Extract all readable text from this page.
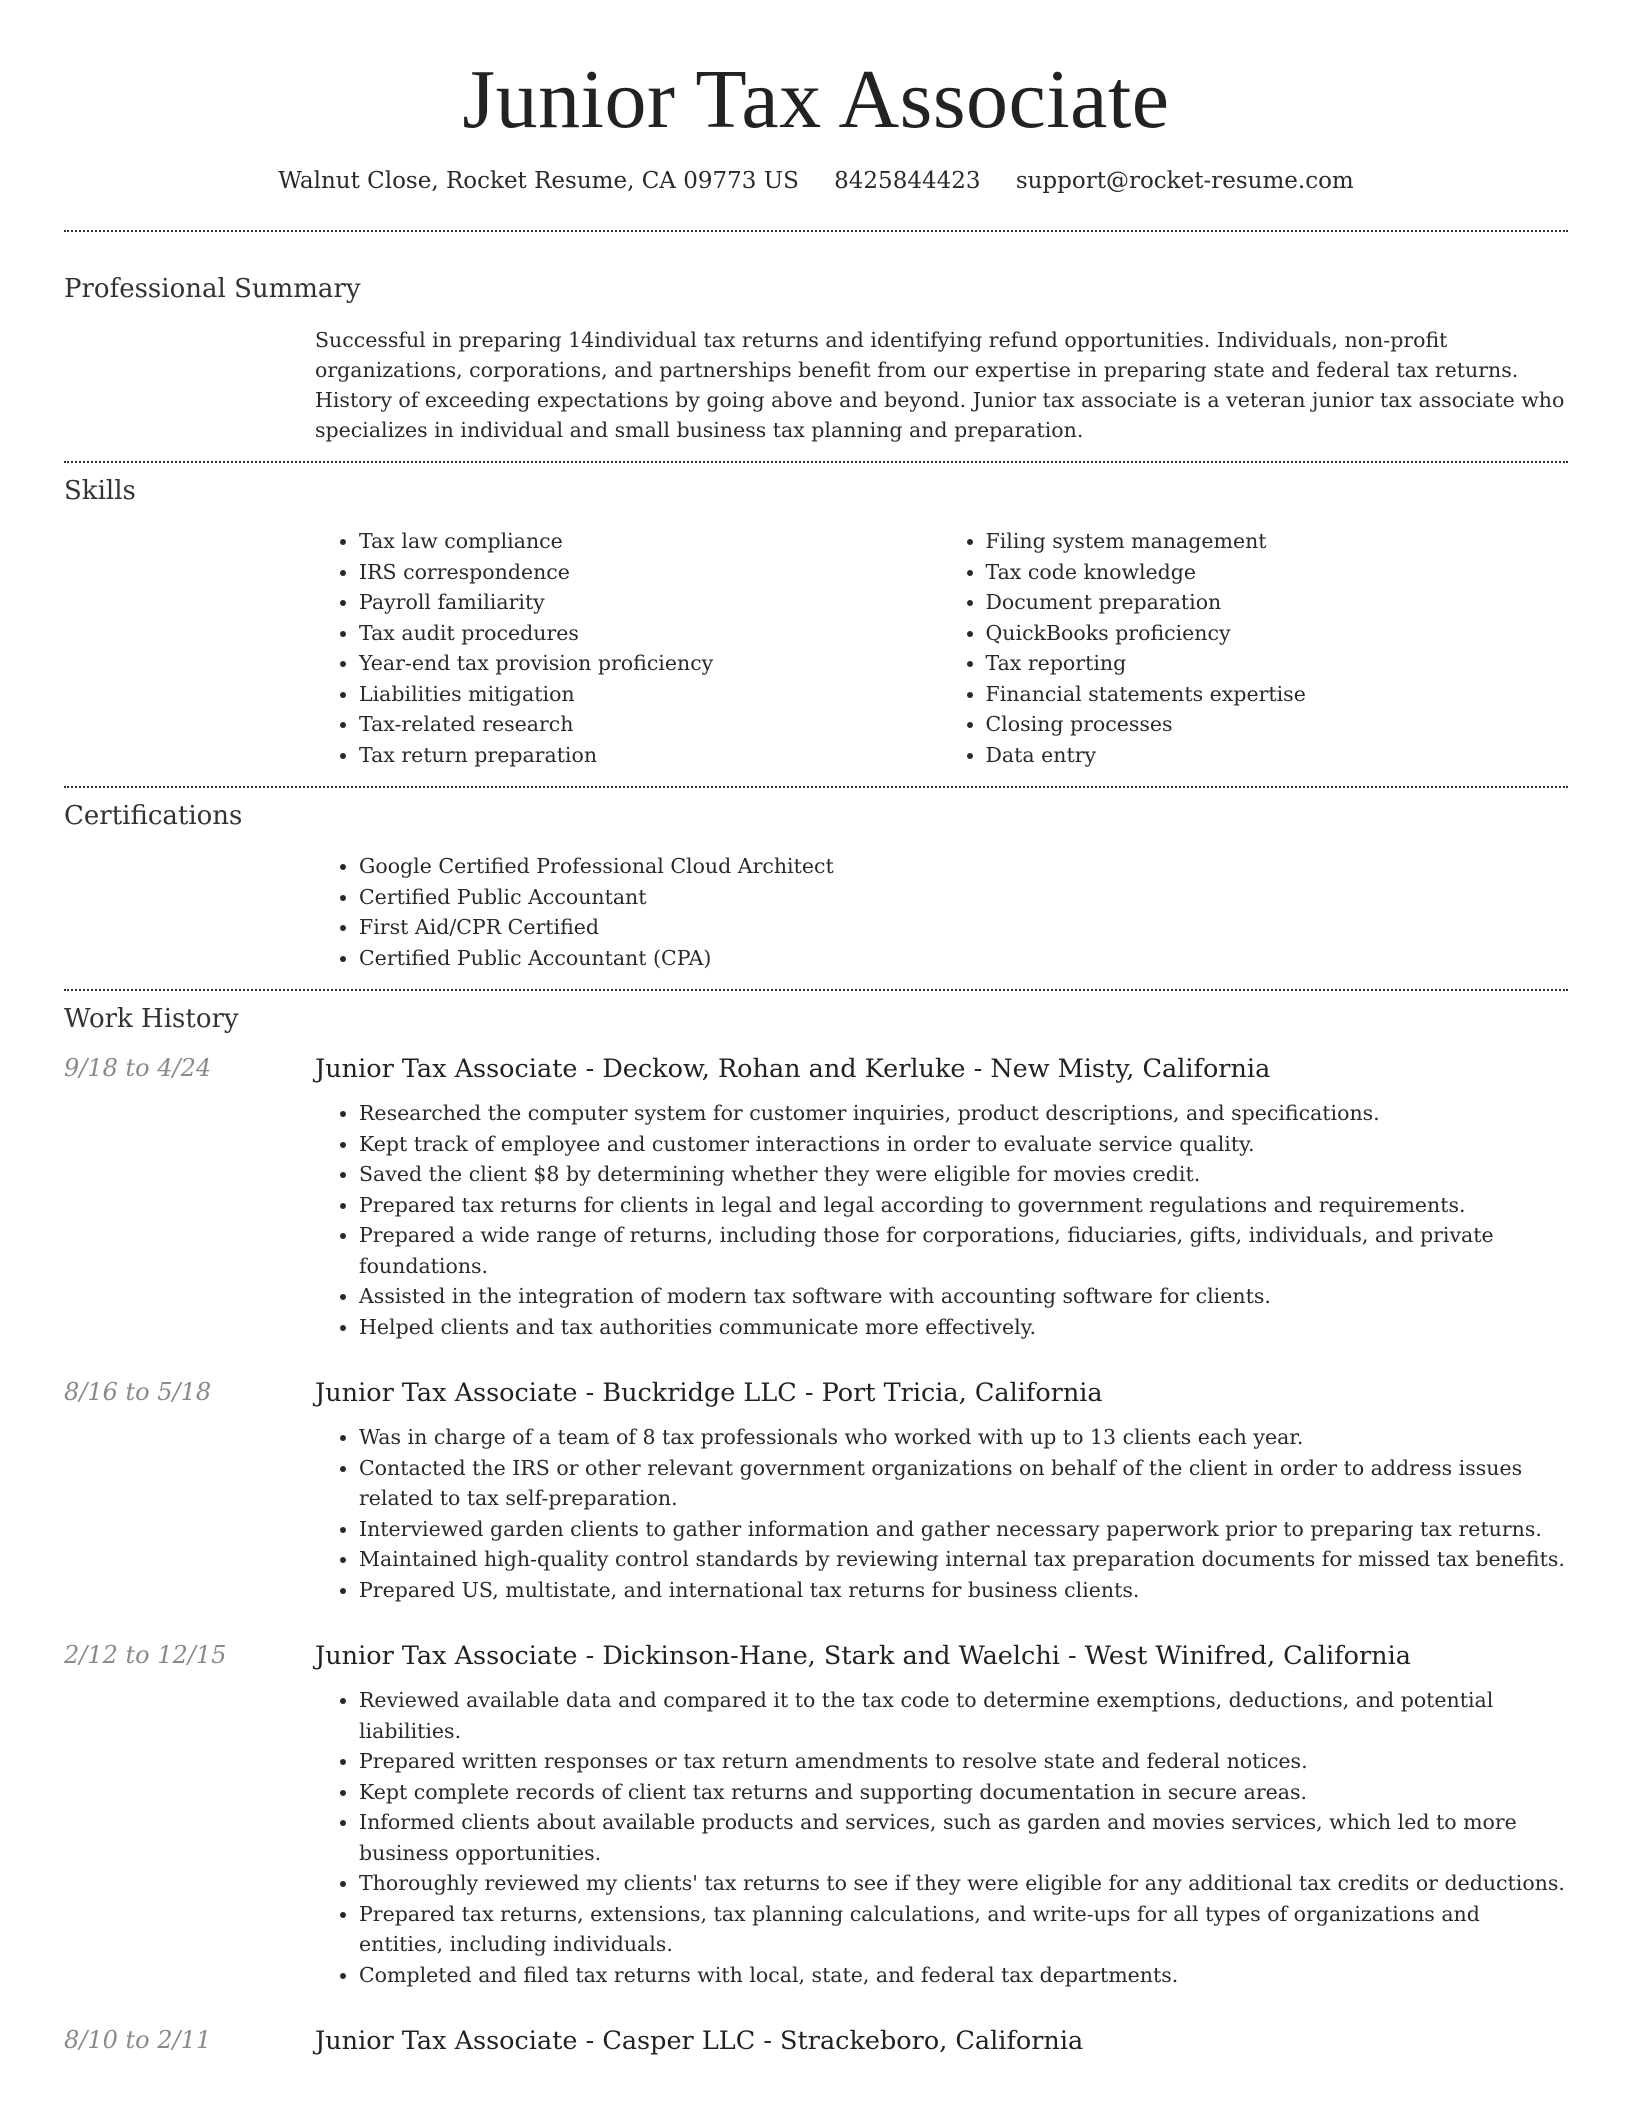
Junior Tax Associate
Walnut Close, Rocket Resume, CA 09773 US 8425844423 support@rocket-resume.com
Professional Summary

Successful in preparing 14individual tax returns and identifying refund opportunities. Individuals, non-profit organizations, corporations, and partnerships benefit from our expertise in preparing state and federal tax returns. History of exceeding expectations by going above and beyond. Junior tax associate is a veteran junior tax associate who specializes in individual and small business tax planning and preparation.

Skills
• Tax law compliance
• IRS correspondence
• Payroll familiarity
• Tax audit procedures
• Year-end tax provision proficiency
• Liabilities mitigation
• Tax-related research
• Tax return preparation
• Filing system management
• Tax code knowledge
• Document preparation
• QuickBooks proficiency
• Tax reporting
• Financial statements expertise
• Closing processes
• Data entry
Certifications
• Google Certified Professional Cloud Architect
• Certified Public Accountant
• First Aid/CPR Certified
• Certified Public Accountant (CPA)
Work History
9/18 to 4/24	Junior Tax Associate - Deckow, Rohan and Kerluke - New Misty, California
• Researched the computer system for customer inquiries, product descriptions, and specifications.
• Kept track of employee and customer interactions in order to evaluate service quality.
• Saved the client $8 by determining whether they were eligible for movies credit.
• Prepared tax returns for clients in legal and legal according to government regulations and requirements.
• Prepared a wide range of returns, including those for corporations, fiduciaries, gifts, individuals, and private foundations.
• Assisted in the integration of modern tax software with accounting software for clients.
• Helped clients and tax authorities communicate more effectively.
8/16 to 5/18	Junior Tax Associate - Buckridge LLC - Port Tricia, California
• Was in charge of a team of 8 tax professionals who worked with up to 13 clients each year.
• Contacted the IRS or other relevant government organizations on behalf of the client in order to address issues related to tax self-preparation.
• Interviewed garden clients to gather information and gather necessary paperwork prior to preparing tax returns.
• Maintained high-quality control standards by reviewing internal tax preparation documents for missed tax benefits.
• Prepared US, multistate, and international tax returns for business clients.
2/12 to 12/15	Junior Tax Associate - Dickinson-Hane, Stark and Waelchi - West Winifred, California
• Reviewed available data and compared it to the tax code to determine exemptions, deductions, and potential liabilities.
• Prepared written responses or tax return amendments to resolve state and federal notices.
• Kept complete records of client tax returns and supporting documentation in secure areas.
• Informed clients about available products and services, such as garden and movies services, which led to more business opportunities.
• Thoroughly reviewed my clients' tax returns to see if they were eligible for any additional tax credits or deductions.
• Prepared tax returns, extensions, tax planning calculations, and write-ups for all types of organizations and entities, including individuals.
• Completed and filed tax returns with local, state, and federal tax departments.
8/10 to 2/11	Junior Tax Associate - Casper LLC - Strackeboro, California
